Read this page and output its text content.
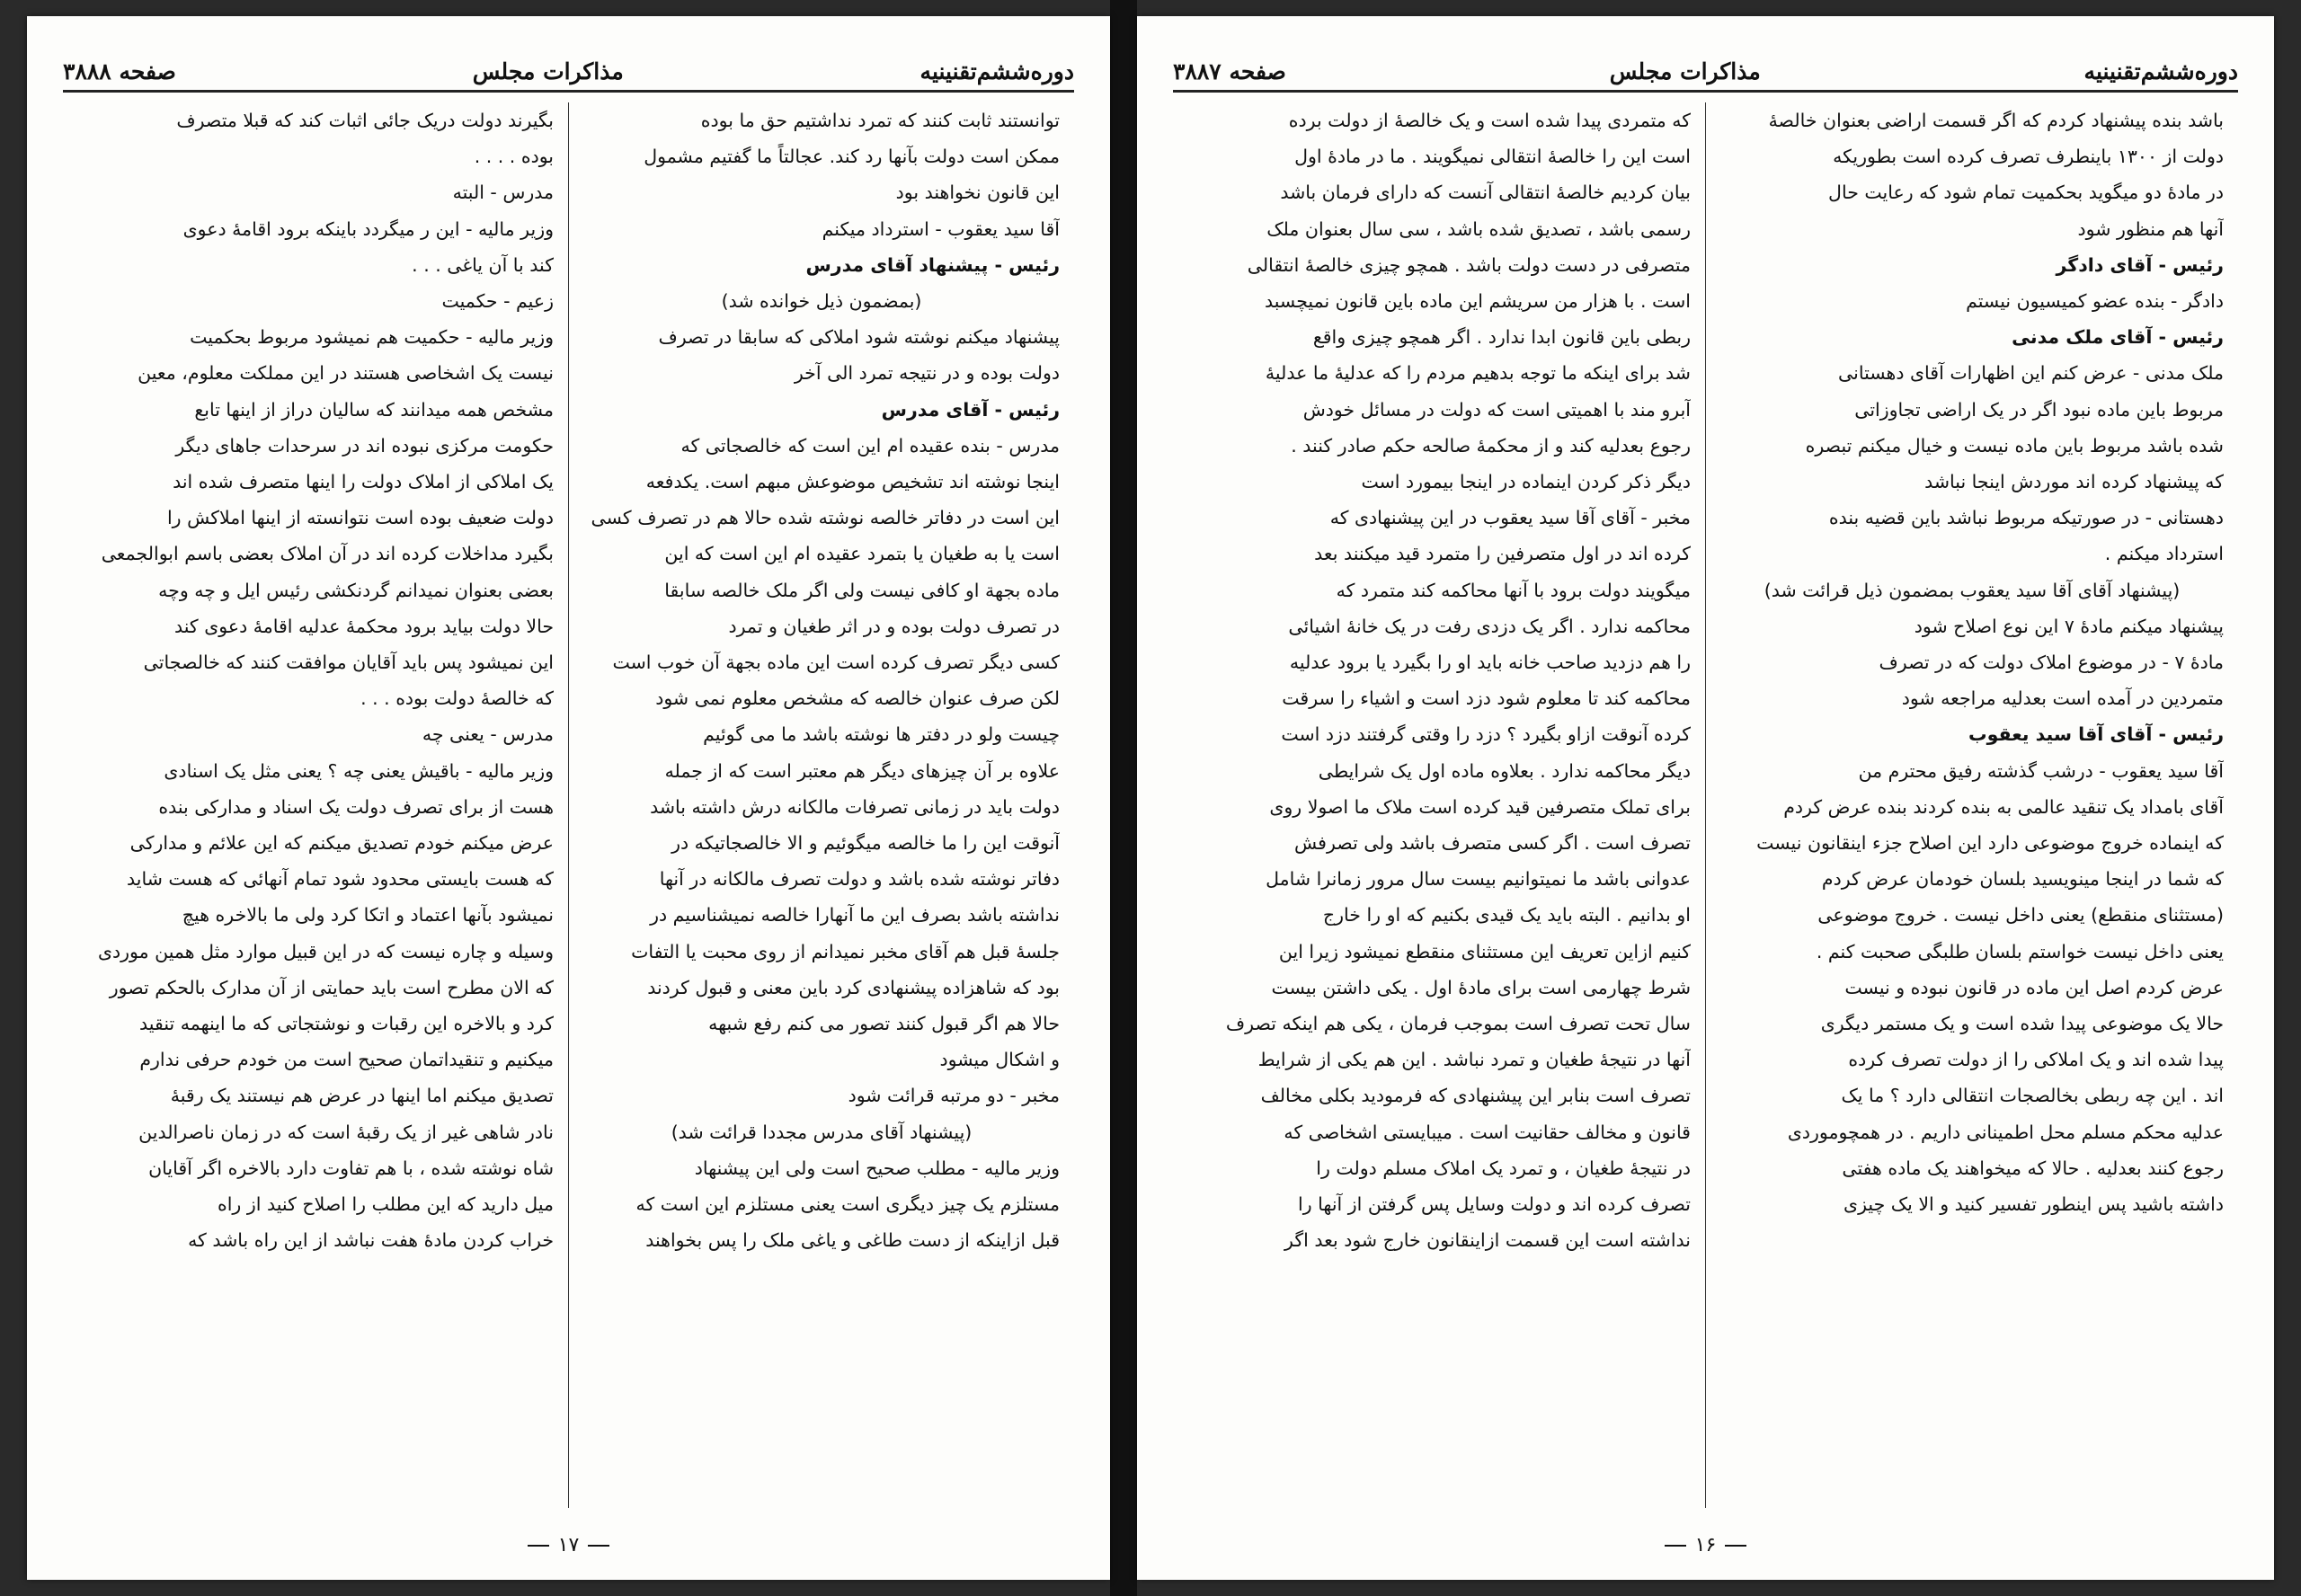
دوره‌ششم‌تقنینیه
مذاکرات مجلس
صفحه ۳۸۸۸
توانستند ثابت کنند که تمرد نداشتیم حق ما بوده
ممکن است دولت بآنها رد کند. عجالتاً ما گفتیم مشمول
این قانون نخواهند بود
آقا سید یعقوب - استرداد میکنم
رئیس - پیشنهاد آقای مدرس
(بمضمون ذیل خوانده شد)
پیشنهاد میکنم نوشته شود املاکی که سابقا در تصرف
دولت بوده و در نتیجه تمرد الی آخر
رئیس - آقای مدرس
مدرس - بنده عقیده ام این است که خالصجاتی که
اینجا نوشته اند تشخیص موضوعش مبهم است. یکدفعه
این است در دفاتر خالصه نوشته شده حالا هم در تصرف کسی
است یا به طغیان یا بتمرد عقیده ام این است که این
ماده بجهة او کافی نیست ولی اگر ملک خالصه سابقا
در تصرف دولت بوده و در اثر طغیان و تمرد
کسی دیگر تصرف کرده است این ماده بجهة آن خوب است
لکن صرف عنوان خالصه که مشخص معلوم نمی شود
چیست ولو در دفتر ها نوشته باشد ما می گوئیم
علاوه بر آن چیزهای دیگر هم معتبر است که از جمله
دولت باید در زمانی تصرفات مالکانه درش داشته باشد
آنوقت این را ما خالصه میگوئیم و الا خالصجاتیکه در
دفاتر نوشته شده باشد و دولت تصرف مالکانه در آنها
نداشته باشد بصرف این ما آنهارا خالصه نمیشناسیم در
جلسهٔ قبل هم آقای مخبر نمیدانم از روی محبت یا التفات
بود که شاهزاده پیشنهادی کرد باین معنی و قبول کردند
حالا هم اگر قبول کنند تصور می کنم رفع شبهه
و اشکال میشود
مخبر - دو مرتبه قرائت شود
(پیشنهاد آقای مدرس مجددا قرائت شد)
وزیر مالیه - مطلب صحیح است ولی این پیشنهاد
مستلزم یک چیز دیگری است یعنی مستلزم این است که
قبل ازاینکه از دست طاغی و یاغی ملک را پس بخواهند
بگیرند دولت دریک جائی اثبات کند که قبلا متصرف
بوده . . . .
مدرس - البته
وزیر مالیه - این ر میگردد باینکه برود اقامهٔ دعوی
کند با آن یاغی . . .
زعیم - حکمیت
وزیر مالیه - حکمیت هم نمیشود مربوط بحکمیت
نیست یک اشخاصی هستند در این مملکت معلوم، معین
مشخص همه میدانند که سالیان دراز از اینها تابع
حکومت مرکزی نبوده اند در سرحدات جاهای دیگر
یک املاکی از املاک دولت را اینها متصرف شده اند
دولت ضعیف بوده است نتوانسته از اینها املاکش را
بگیرد مداخلات کرده اند در آن املاک بعضی باسم ابوالجمعی
بعضی بعنوان نمیدانم گردنکشی رئیس ایل و چه وچه
حالا دولت بیاید برود محکمهٔ عدلیه اقامهٔ دعوی کند
این نمیشود پس باید آقایان موافقت کنند که خالصجاتی
که خالصهٔ دولت بوده . . .
مدرس - یعنی چه
وزیر مالیه - باقیش یعنی چه ؟ یعنی مثل یک اسنادی
هست از برای تصرف دولت یک اسناد و مدارکی بنده
عرض میکنم خودم تصدیق میکنم که این علائم و مدارکی
که هست بایستی محدود شود تمام آنهائی که هست شاید
نمیشود بآنها اعتماد و اتکا کرد ولی ما بالاخره هیچ
وسیله و چاره نیست که در این قبیل موارد مثل همین موردی
که الان مطرح است باید حمایتی از آن مدارک بالحکم تصور
کرد و بالاخره این رقبات و نوشتجاتی که ما اینهمه تنقید
میکنیم و تنقیداتمان صحیح است من خودم حرفی ندارم
تصدیق میکنم اما اینها در عرض هم نیستند یک رقبهٔ
نادر شاهی غیر از یک رقبهٔ است که در زمان ناصرالدین
شاه نوشته شده ، با هم تفاوت دارد بالاخره اگر آقایان
میل دارید که این مطلب را اصلاح کنید از راه
خراب کردن مادهٔ هفت نباشد از این راه باشد که
۱۷
دوره‌ششم‌تقنینیه
مذاکرات مجلس
صفحه ۳۸۸۷
باشد بنده پیشنهاد کردم که اگر قسمت اراضی بعنوان خالصهٔ
دولت از ۱۳۰۰ باینطرف تصرف کرده است بطوریکه
در مادهٔ دو میگوید بحکمیت تمام شود که رعایت حال
آنها هم منظور شود
رئیس - آقای دادگر
دادگر - بنده عضو کمیسیون نیستم
رئیس - آقای ملک مدنی
ملک مدنی - عرض کنم این اظهارات آقای دهستانی
مربوط باین ماده نبود اگر در یک اراضی تجاوزاتی
شده باشد مربوط باین ماده نیست و خیال میکنم تبصره
که پیشنهاد کرده اند موردش اینجا نباشد
دهستانی - در صورتیکه مربوط نباشد باین قضیه بنده
استرداد میکنم .
(پیشنهاد آقای آقا سید یعقوب بمضمون ذیل قرائت شد)
پیشنهاد میکنم مادهٔ ۷ این نوع اصلاح شود
مادهٔ ۷ - در موضوع املاک دولت که در تصرف
متمردین در آمده است بعدلیه مراجعه شود
رئیس - آقای آقا سید یعقوب
آقا سید یعقوب - درشب گذشته رفیق محترم من
آقای بامداد یک تنقید عالمی به بنده کردند بنده عرض کردم
که اینماده خروج موضوعی دارد این اصلاح جزء اینقانون نیست
که شما در اینجا مینویسید بلسان خودمان عرض کردم
(مستثنای منقطع) یعنی داخل نیست . خروج موضوعی
یعنی داخل نیست خواستم بلسان طلبگی صحبت کنم .
عرض کردم اصل این ماده در قانون نبوده و نیست
حالا یک موضوعی پیدا شده است و یک مستمر دیگری
پیدا شده اند و یک املاکی را از دولت تصرف کرده
اند . این چه ربطی بخالصجات انتقالی دارد ؟ ما یک
عدلیه محکم مسلم محل اطمینانی داریم . در همچوموردی
رجوع کنند بعدلیه . حالا که میخواهند یک ماده هفتی
داشته باشید پس اینطور تفسیر کنید و الا یک چیزی
که متمردی پیدا شده است و یک خالصهٔ از دولت برده
است این را خالصهٔ انتقالی نمیگویند . ما در مادهٔ اول
بیان کردیم خالصهٔ انتقالی آنست که دارای فرمان باشد
رسمی باشد ، تصدیق شده باشد ، سی سال بعنوان ملک
متصرفی در دست دولت باشد . همچو چیزی خالصهٔ انتقالی
است . با هزار من سریشم این ماده باین قانون نمیچسبد
ربطی باین قانون ابدا ندارد . اگر همچو چیزی واقع
شد برای اینکه ما توجه بدهیم مردم را که عدلیهٔ ما عدلیهٔ
آبرو مند با اهمیتی است که دولت در مسائل خودش
رجوع بعدلیه کند و از محکمهٔ صالحه حکم صادر کنند .
دیگر ذکر کردن اینماده در اینجا بیمورد است
مخبر - آقای آقا سید یعقوب در این پیشنهادی که
کرده اند در اول متصرفین را متمرد قید میکنند بعد
میگویند دولت برود با آنها محاکمه کند متمرد که
محاکمه ندارد . اگر یک دزدی رفت در یک خانهٔ اشیائی
را هم دزدید صاحب خانه باید او را بگیرد یا برود عدلیه
محاکمه کند تا معلوم شود دزد است و اشیاء را سرقت
کرده آنوقت ازاو بگیرد ؟ دزد را وقتی گرفتند دزد است
دیگر محاکمه ندارد . بعلاوه ماده اول یک شرایطی
برای تملک متصرفین قید کرده است ملاک ما اصولا روی
تصرف است . اگر کسی متصرف باشد ولی تصرفش
عدوانی باشد ما نمیتوانیم بیست سال مرور زمانرا شامل
او بدانیم . البته باید یک قیدی بکنیم که او را خارج
کنیم ازاین تعریف این مستثنای منقطع نمیشود زیرا این
شرط چهارمی است برای مادهٔ اول . یکی داشتن بیست
سال تحت تصرف است بموجب فرمان ، یکی هم اینکه تصرف
آنها در نتیجهٔ طغیان و تمرد نباشد . این هم یکی از شرایط
تصرف است بنابر این پیشنهادی که فرمودید بکلی مخالف
قانون و مخالف حقانیت است . میبایستی اشخاصی که
در نتیجهٔ طغیان ، و تمرد یک املاک مسلم دولت را
تصرف کرده اند و دولت وسایل پس گرفتن از آنها را
نداشته است این قسمت ازاینقانون خارج شود بعد اگر
۱۶
